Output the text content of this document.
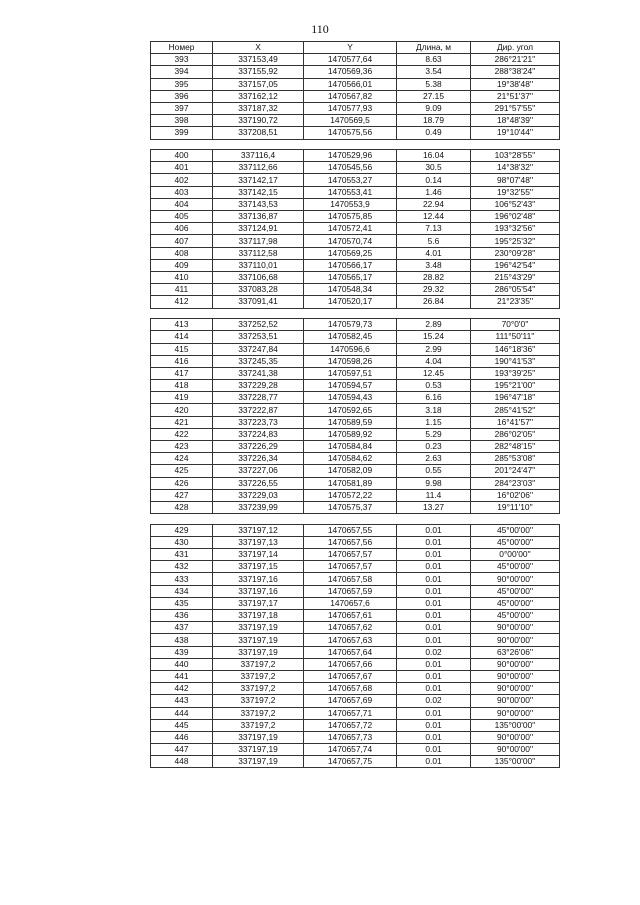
110
Номер	X	Y	Длина, м	Дир. угол
393	337153,49	1470577,64	8.63	286°21'21''
394	337155,92	1470569,36	3.54	288°38'24''
395	337157,05	1470566,01	5.38	19°38'48''
396	337162,12	1470567,82	27.15	21°51'37''
397	337187,32	1470577,93	9.09	291°57'55''
398	337190,72	1470569,5	18.79	18°48'39''
399	337208,51	1470575,56	0.49	19°10'44''

400	337116,4	1470529,96	16.04	103°28'55''
401	337112,66	1470545,56	30.5	14°38'32''
402	337142,17	1470553,27	0.14	98°07'48''
403	337142,15	1470553,41	1.46	19°32'55''
404	337143,53	1470553,9	22.94	106°52'43''
405	337136,87	1470575,85	12.44	196°02'48''
406	337124,91	1470572,41	7.13	193°32'56''
407	337117,98	1470570,74	5.6	195°25'32''
408	337112,58	1470569,25	4.01	230°09'28''
409	337110,01	1470566,17	3.48	196°42'54''
410	337106,68	1470565,17	28.82	215°43'29''
411	337083,28	1470548,34	29.32	286°05'54''
412	337091,41	1470520,17	26.84	21°23'35''

413	337252,52	1470579,73	2.89	70°0'0''
414	337253,51	1470582,45	15.24	111°50'11''
415	337247,84	1470596,6	2.99	146°18'36''
416	337245,35	1470598,26	4.04	190°41'53''
417	337241,38	1470597,51	12.45	193°39'25''
418	337229,28	1470594,57	0.53	195°21'00''
419	337228,77	1470594,43	6.16	196°47'18''
420	337222,87	1470592,65	3.18	285°41'52''
421	337223,73	1470589,59	1.15	16°41'57''
422	337224,83	1470589,92	5.29	286°02'05''
423	337226,29	1470584,84	0.23	282°48'15''
424	337226,34	1470584,62	2.63	285°53'08''
425	337227,06	1470582,09	0.55	201°24'47''
426	337226,55	1470581,89	9.98	284°23'03''
427	337229,03	1470572,22	11.4	16°02'06''
428	337239,99	1470575,37	13.27	19°11'10''

429	337197,12	1470657,55	0.01	45°00'00''
430	337197,13	1470657,56	0.01	45°00'00''
431	337197,14	1470657,57	0.01	0°00'00''
432	337197,15	1470657,57	0.01	45°00'00''
433	337197,16	1470657,58	0.01	90°00'00''
434	337197,16	1470657,59	0.01	45°00'00''
435	337197,17	1470657,6	0.01	45°00'00''
436	337197,18	1470657,61	0.01	45°00'00''
437	337197,19	1470657,62	0.01	90°00'00''
438	337197,19	1470657,63	0.01	90°00'00''
439	337197,19	1470657,64	0.02	63°26'06''
440	337197,2	1470657,66	0.01	90°00'00''
441	337197,2	1470657,67	0.01	90°00'00''
442	337197,2	1470657,68	0.01	90°00'00''
443	337197,2	1470657,69	0.02	90°00'00''
444	337197,2	1470657,71	0.01	90°00'00''
445	337197,2	1470657,72	0.01	135°00'00''
446	337197,19	1470657,73	0.01	90°00'00''
447	337197,19	1470657,74	0.01	90°00'00''
448	337197,19	1470657,75	0.01	135°00'00''
